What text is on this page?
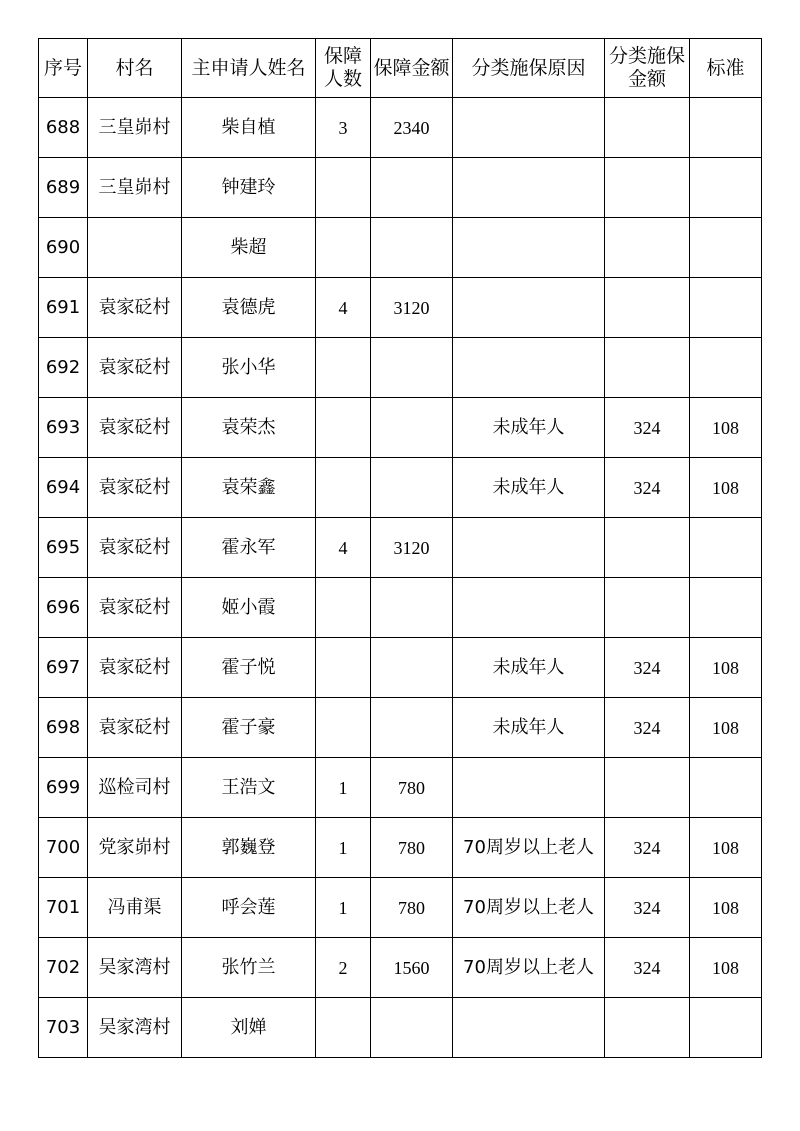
序号	村名	主申请人姓名	保障人数	保障金额	分类施保原因	分类施保金额	标准
688	三皇峁村	柴自植	3	2340			
689	三皇峁村	钟建玲					
690		柴超					
691	袁家砭村	袁德虎	4	3120			
692	袁家砭村	张小华					
693	袁家砭村	袁荣杰			未成年人	324	108
694	袁家砭村	袁荣鑫			未成年人	324	108
695	袁家砭村	霍永军	4	3120			
696	袁家砭村	姬小霞					
697	袁家砭村	霍子悦			未成年人	324	108
698	袁家砭村	霍子豪			未成年人	324	108
699	巡检司村	王浩文	1	780			
700	党家峁村	郭巍登	1	780	70周岁以上老人	324	108
701	冯甫渠	呼会莲	1	780	70周岁以上老人	324	108
702	吴家湾村	张竹兰	2	1560	70周岁以上老人	324	108
703	吴家湾村	刘婵					
